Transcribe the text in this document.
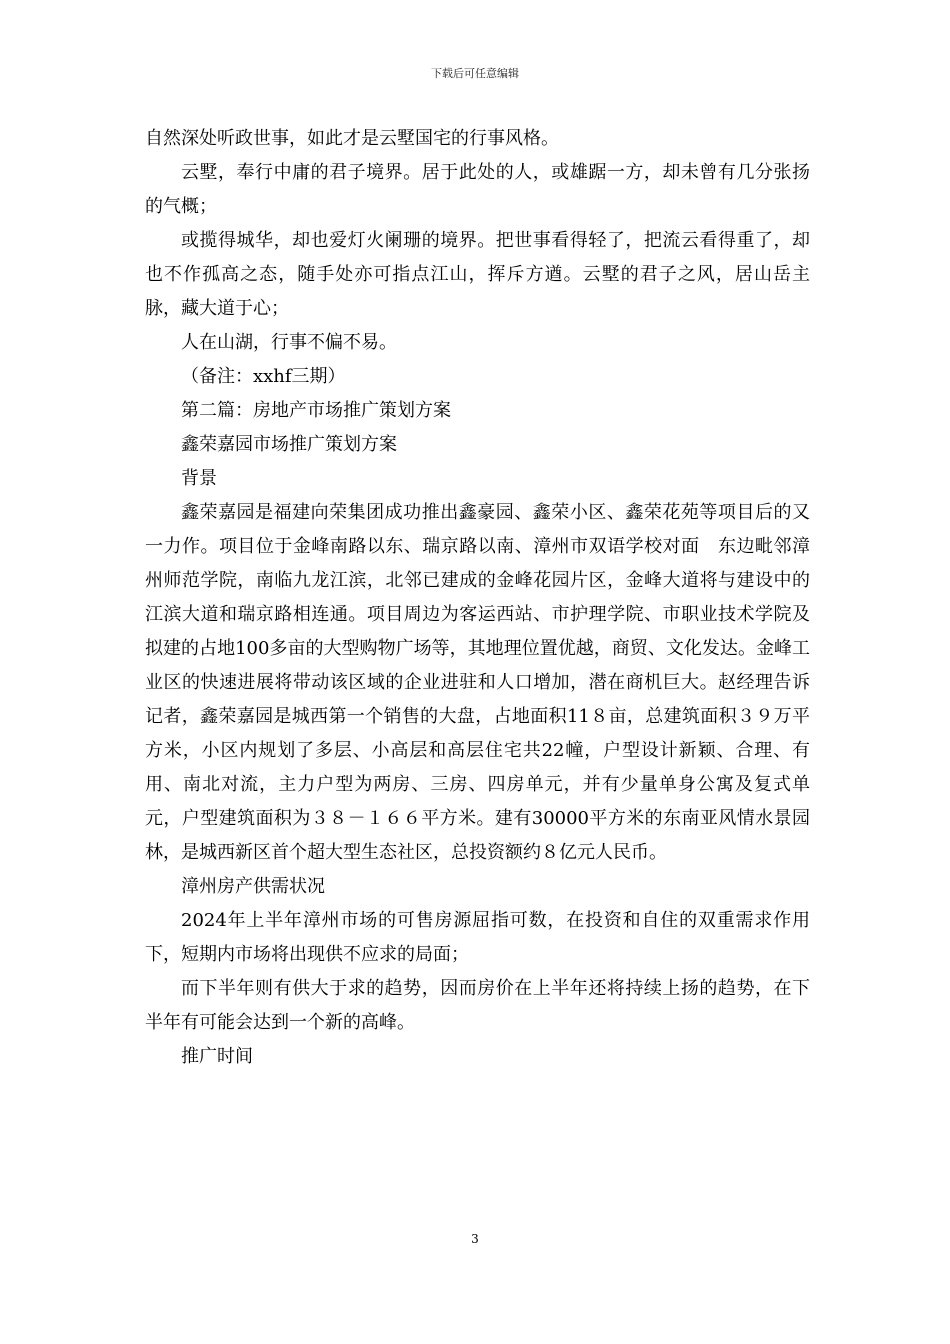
下载后可任意编辑

自然深处听政世事，如此才是云墅国宅的行事风格。

云墅，奉行中庸的君子境界。居于此处的人，或雄踞一方，却未曾有几分张扬的气概；

或揽得城华，却也爱灯火阑珊的境界。把世事看得轻了，把流云看得重了，却也不作孤高之态，随手处亦可指点江山，挥斥方遒。云墅的君子之风，居山岳主脉，藏大道于心；

人在山湖，行事不偏不易。

（备注：xxhf三期）

第二篇：房地产市场推广策划方案

鑫荣嘉园市场推广策划方案

背景

鑫荣嘉园是福建向荣集团成功推出鑫豪园、鑫荣小区、鑫荣花苑等项目后的又一力作。项目位于金峰南路以东、瑞京路以南、漳州市双语学校对面　东边毗邻漳州师范学院，南临九龙江滨，北邻已建成的金峰花园片区，金峰大道将与建设中的江滨大道和瑞京路相连通。项目周边为客运西站、市护理学院、市职业技术学院及拟建的占地100多亩的大型购物广场等，其地理位置优越，商贸、文化发达。金峰工业区的快速进展将带动该区域的企业进驻和人口增加，潜在商机巨大。赵经理告诉记者，鑫荣嘉园是城西第一个销售的大盘，占地面积11８亩，总建筑面积３９万平方米，小区内规划了多层、小高层和高层住宅共22幢，户型设计新颖、合理、有用、南北对流，主力户型为两房、三房、四房单元，并有少量单身公寓及复式单元，户型建筑面积为３８－１６６平方米。建有30000平方米的东南亚风情水景园林，是城西新区首个超大型生态社区，总投资额约８亿元人民币。

漳州房产供需状况

2024年上半年漳州市场的可售房源屈指可数，在投资和自住的双重需求作用下，短期内市场将出现供不应求的局面；

而下半年则有供大于求的趋势，因而房价在上半年还将持续上扬的趋势，在下半年有可能会达到一个新的高峰。

推广时间

3
